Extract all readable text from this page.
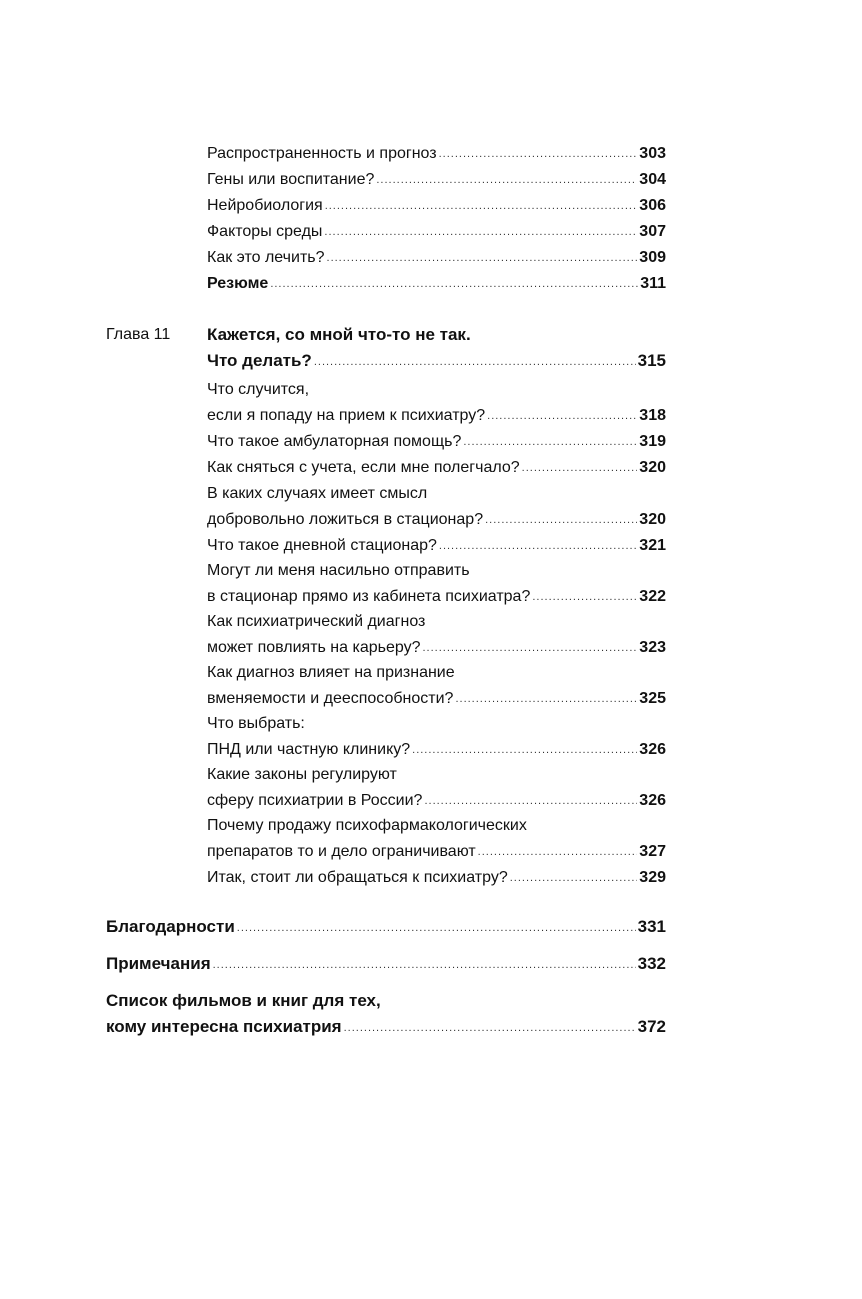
Распространенность и прогноз .....	303
Гены или воспитание? .....	304
Нейробиология .....	306
Факторы среды .....	307
Как это лечить? .....	309
Резюме .....	311
Глава 11 Кажется, со мной что-то не так.
Что делать? .....	315
Что случится,
если я попаду на прием к психиатру? .....	318
Что такое амбулаторная помощь? .....	319
Как сняться с учета, если мне полегчало? .....	320
В каких случаях имеет смысл
добровольно ложиться в стационар? .....	320
Что такое дневной стационар? .....	321
Могут ли меня насильно отправить
в стационар прямо из кабинета психиатра? .....	322
Как психиатрический диагноз
может повлиять на карьеру? .....	323
Как диагноз влияет на признание
вменяемости и дееспособности? .....	325
Что выбрать:
ПНД или частную клинику? .....	326
Какие законы регулируют
сферу психиатрии в России? .....	326
Почему продажу психофармакологических
препаратов то и дело ограничивают .....	327
Итак, стоит ли обращаться к психиатру? .....	329
Благодарности .....	331
Примечания .....	332
Список фильмов и книг для тех,
кому интересна психиатрия .....	372
